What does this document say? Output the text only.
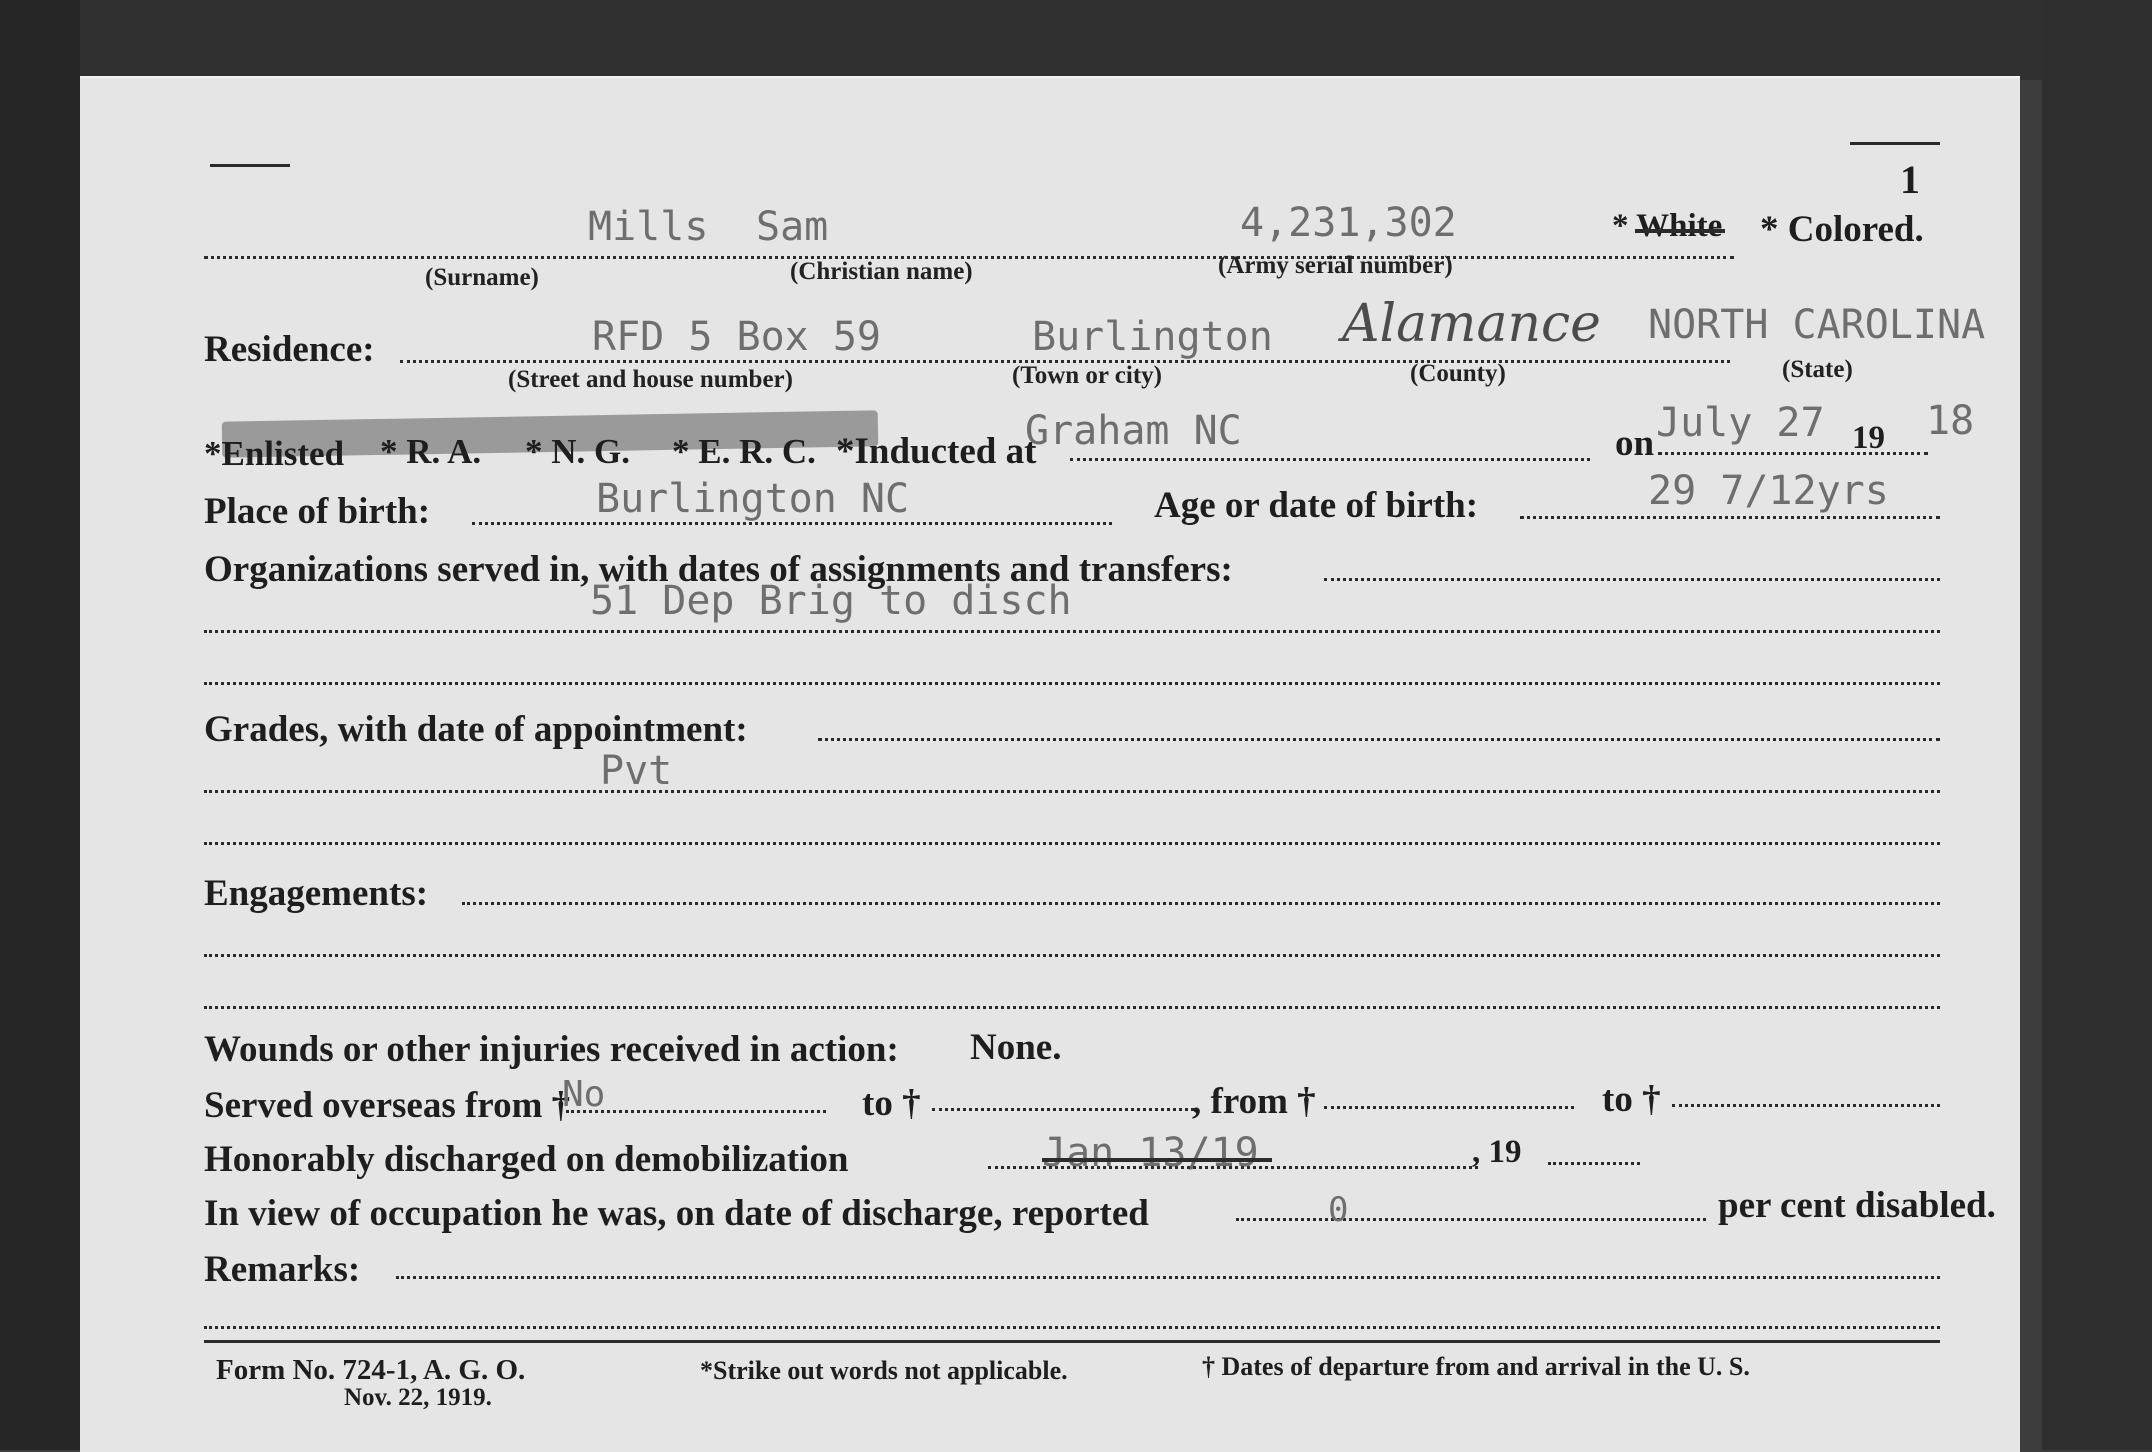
1
Mills Sam	4,231,302	* White * Colored.
(Surname)	(Christian name)	(Army serial number)
Residence:	RFD 5 Box 59	Burlington Alamance NORTH CAROLINA
(Street and house number)	(Town or city)	(County)	(State)
*Enlisted * R. A. * N. G. * E. R. C. *Inducted at
Graham NC	on July 27 19 18
Place of birth:	Burlington NC	Age or date of birth:	29 7/12yrs
Organizations served in, with dates of assignments and transfers:
51 Dep Brig to disch
Grades, with date of appointment:
Pvt
Engagements:
Wounds or other injuries received in action: None.
Served overseas from †
No	to †	, from †	to †
Honorably discharged on demobilization	Jan 13/19	, 19
In view of occupation he was, on date of discharge, reported	0	per cent disabled.
Remarks:
Form No. 724-1, A. G. O.
Nov. 22, 1919.
*Strike out words not applicable.	† Dates of departure from and arrival in the U. S.
